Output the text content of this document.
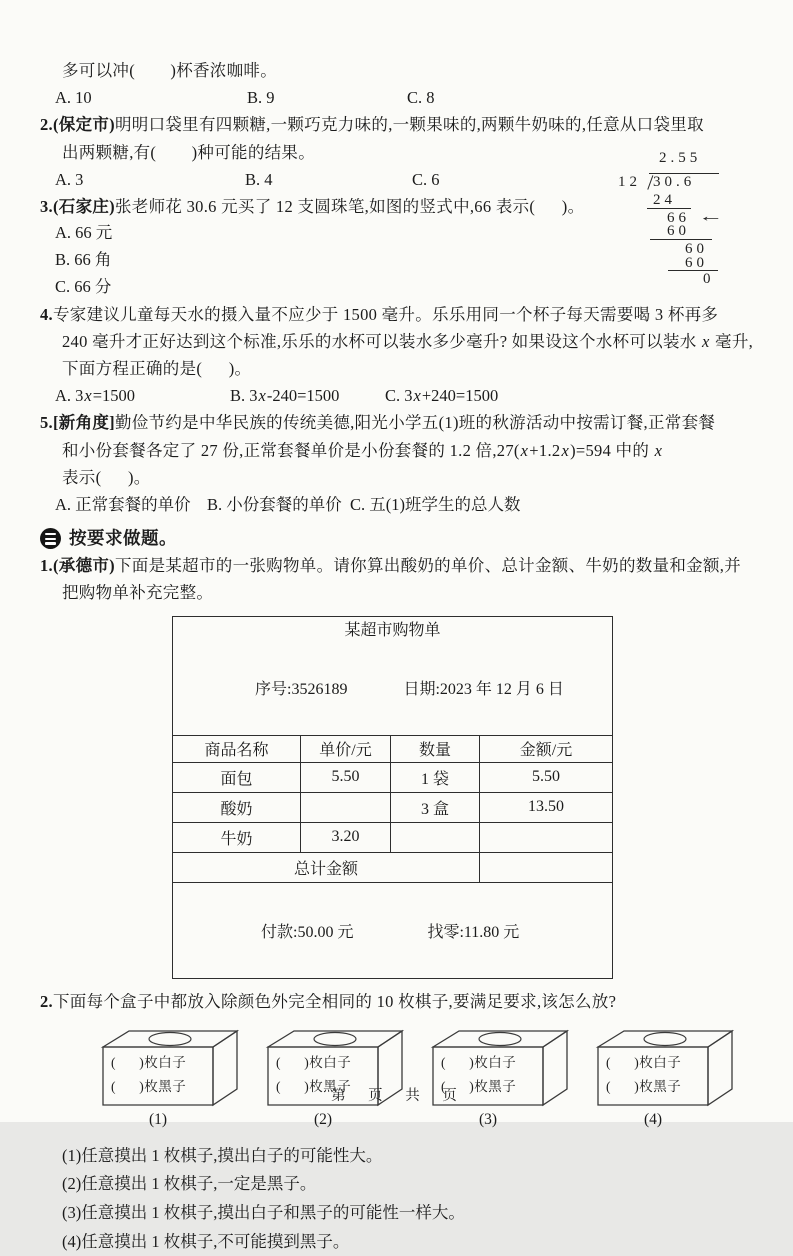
多可以冲(        )杯香浓咖啡。
A. 10	B. 9	C. 8
2.(保定市)明明口袋里有四颗糖,一颗巧克力味的,一颗果味的,两颗牛奶味的,任意从口袋里取
出两颗糖,有(        )种可能的结果。
A. 3	B. 4	C. 6
3.(石家庄)张老师花 30.6 元买了 12 支圆珠笔,如图的竖式中,66 表示(      )。
A. 66 元
B. 66 角
C. 66 分
2.55
12 30.6
24
66 ←
60
60
60
0
4.专家建议儿童每天水的摄入量不应少于 1500 毫升。乐乐用同一个杯子每天需要喝 3 杯再多
240 毫升才正好达到这个标准,乐乐的水杯可以装水多少毫升? 如果设这个水杯可以装水 x 毫升,
下面方程正确的是(      )。
A. 3x=1500	B. 3x-240=1500	C. 3x+240=1500
5.[新角度]勤俭节约是中华民族的传统美德,阳光小学五(1)班的秋游活动中按需订餐,正常套餐
和小份套餐各定了 27 份,正常套餐单价是小份套餐的 1.2 倍,27(x+1.2x)=594 中的 x
表示(      )。
A. 正常套餐的单价 B. 小份套餐的单价 C. 五(1)班学生的总人数
按要求做题。
1.(承德市)下面是某超市的一张购物单。请你算出酸奶的单价、总计金额、牛奶的数量和金额,并
把购物单补充完整。
某超市购物单			

序号:3526189 日期:2023 年 12 月 6 日			

商品名称	单价/元	数量	金额/元
面包	5.50	1 袋	5.50
酸奶		3 盒	13.50
牛奶	3.20		
总计金额			

付款:50.00 元 找零:11.80 元			

2.下面每个盒子中都放入除颜色外完全相同的 10 枚棋子,要满足要求,该怎么放?
(      )枚白子
(      )枚黑子
(1)
(      )枚白子
(      )枚黑子
(2)
(      )枚白子
(      )枚黑子
(3)
(      )枚白子
(      )枚黑子
(4)
(1)任意摸出 1 枚棋子,摸出白子的可能性大。
(2)任意摸出 1 枚棋子,一定是黑子。
(3)任意摸出 1 枚棋子,摸出白子和黑子的可能性一样大。
(4)任意摸出 1 枚棋子,不可能摸到黑子。
第 页 共 页
